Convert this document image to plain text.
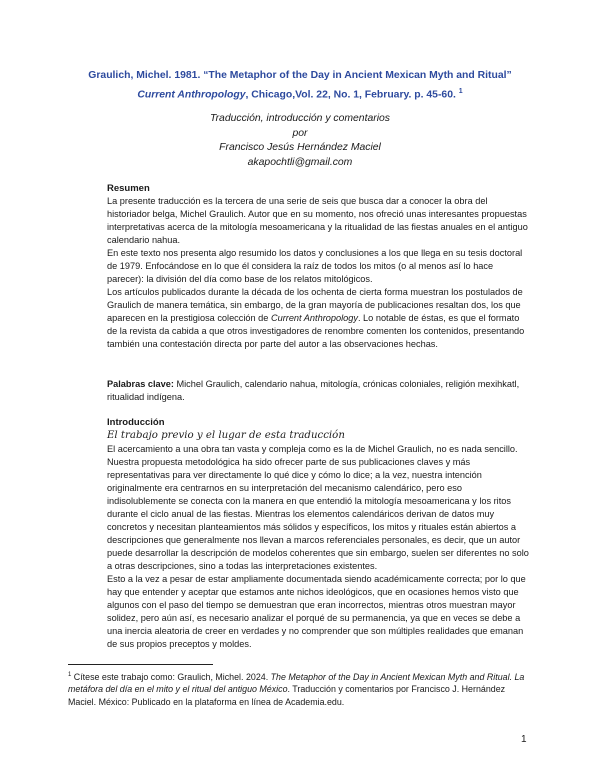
Graulich, Michel. 1981. “The Metaphor of the Day in Ancient Mexican Myth and Ritual”
Current Anthropology, Chicago,Vol. 22, No. 1, February. p. 45-60. $^1$
Traducción, introducción y comentarios
por
Francisco Jesús Hernández Maciel
akapochtli@gmail.com
Resumen

La presente traducción es la tercera de una serie de seis que busca dar a conocer la obra del historiador belga, Michel Graulich. Autor que en su momento, nos ofreció unas interesantes propuestas interpretativas acerca de la mitología mesoamericana y la ritualidad de las fiestas anuales en el antiguo calendario nahua.

En este texto nos presenta algo resumido los datos y conclusiones a los que llega en su tesis doctoral de 1979. Enfocándose en lo que él considera la raíz de todos los mitos (o al menos así lo hace parecer): la división del día como base de los relatos mitológicos.

Los artículos publicados durante la década de los ochenta de cierta forma muestran los postulados de Graulich de manera temática, sin embargo, de la gran mayoría de publicaciones resaltan dos, los que aparecen en la prestigiosa colección de Current Anthropology. Lo notable de éstas, es que el formato de la revista da cabida a que otros investigadores de renombre comenten los contenidos, presentando también una contestación directa por parte del autor a las observaciones hechas.

Palabras clave: Michel Graulich, calendario nahua, mitología, crónicas coloniales, religión mexihkatl, ritualidad indígena.

Introducción
El trabajo previo y el lugar de esta traducción

El acercamiento a una obra tan vasta y compleja como es la de Michel Graulich, no es nada sencillo. Nuestra propuesta metodológica ha sido ofrecer parte de sus publicaciones claves y más representativas para ver directamente lo qué dice y cómo lo dice; a la vez, nuestra intención originalmente era centrarnos en su interpretación del mecanismo calendárico, pero eso indisolublemente se conecta con la manera en que entendió la mitología mesoamericana y los ritos durante el ciclo anual de las fiestas. Mientras los elementos calendáricos derivan de datos muy concretos y necesitan planteamientos más sólidos y específicos, los mitos y rituales están abiertos a descripciones que generalmente nos llevan a marcos referenciales personales, es decir, que un autor puede desarrollar la descripción de modelos coherentes que sin embargo, suelen ser diferentes no solo a otras descripciones, sino a todas las interpretaciones existentes.

Esto a la vez a pesar de estar ampliamente documentada siendo académicamente correcta; por lo que hay que entender y aceptar que estamos ante nichos ideológicos, que en ocasiones hemos visto que algunos con el paso del tiempo se demuestran que eran incorrectos, mientras otros muestran mayor solidez, pero aún así, es necesario analizar el porqué de su permanencia, ya que en veces se debe a una inercia aleatoria de creer en verdades y no comprender que son múltiples realidades que emanan de sus propios preceptos y moldes.

$^1$ Cítese este trabajo como: Graulich, Michel. 2024. The Metaphor of the Day in Ancient Mexican Myth and Ritual. La metáfora del día en el mito y el ritual del antiguo México. Traducción y comentarios por Francisco J. Hernández Maciel. México: Publicado en la plataforma en línea de Academia.edu.
1
